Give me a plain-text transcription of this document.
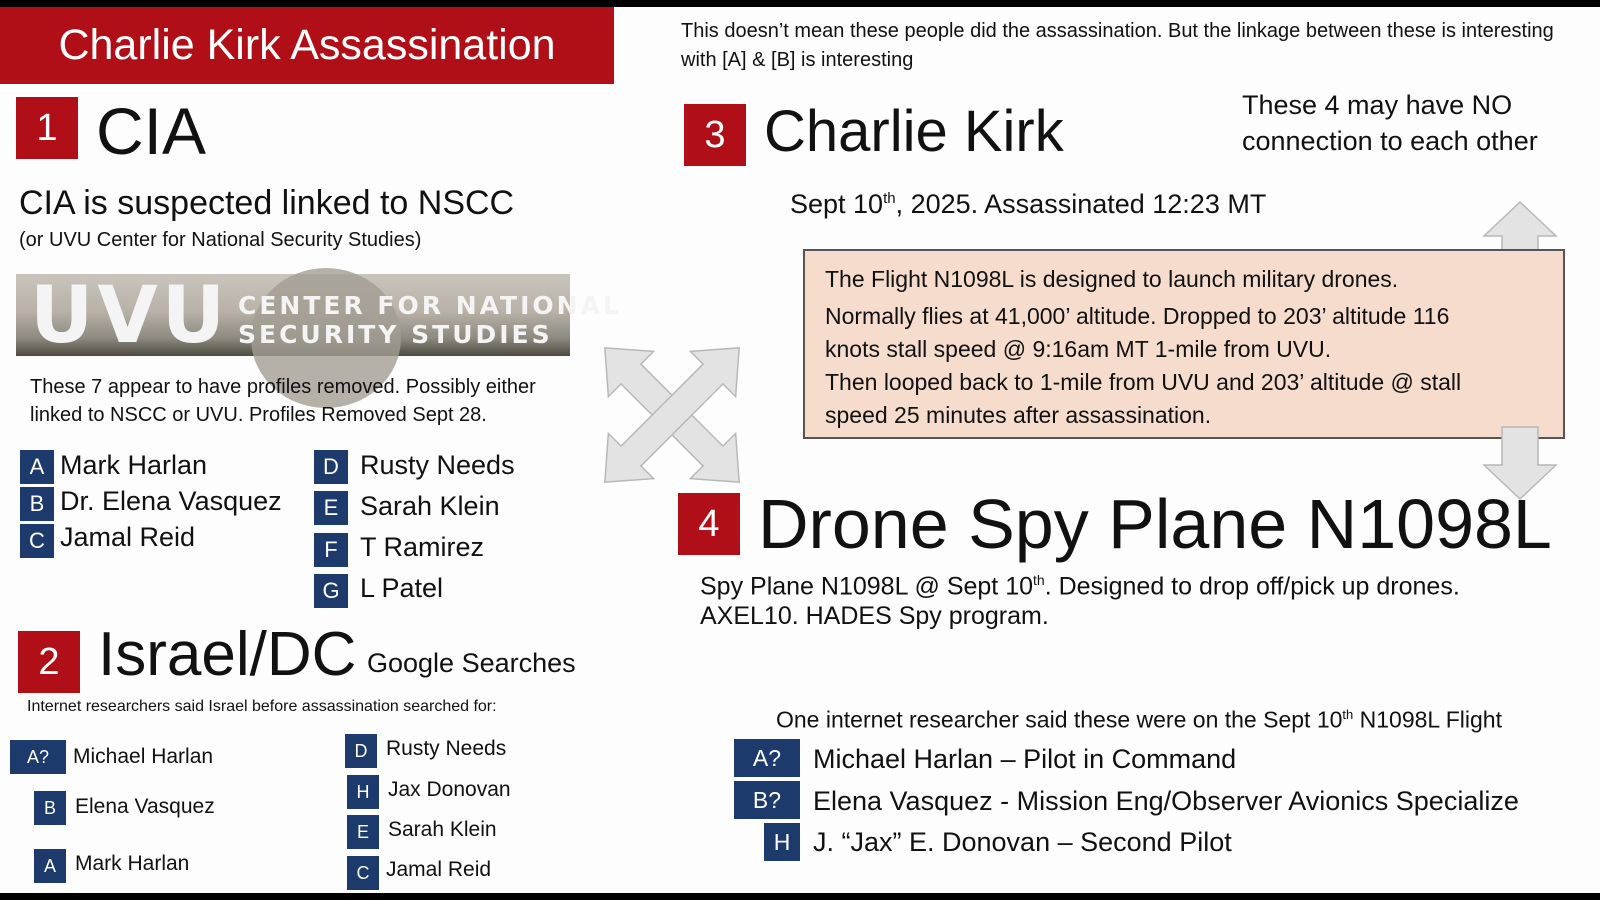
Charlie Kirk Assassination	This doesn’t mean these people did the assassination. But the linkage between these is interesting with [A] & [B] is interesting
1 CIA
CIA is suspected linked to NSCC
(or UVU Center for National Security Studies)
UVU CENTER FOR NATIONAL
SECURITY STUDIES
These 7 appear to have profiles removed. Possibly either linked to NSCC or UVU. Profiles Removed Sept 28.
A Mark Harlan
B Dr. Elena Vasquez
C Jamal Reid
D Rusty Needs
E Sarah Klein
F T Ramirez
G L Patel
2 Israel/DC Google Searches
Internet researchers said Israel before assassination searched for:
A?	Michael Harlan
B Elena Vasquez
A Mark Harlan
D Rusty Needs
H Jax Donovan
E Sarah Klein
C Jamal Reid
3 Charlie Kirk	These 4 may have NO
connection to each other
Sept 10th, 2025. Assassinated 12:23 MT
The Flight N1098L is designed to launch military drones.
Normally flies at 41,000’ altitude. Dropped to 203’ altitude 116
knots stall speed @ 9:16am MT 1-mile from UVU.
Then looped back to 1-mile from UVU and 203’ altitude @ stall
speed 25 minutes after assassination.
4 Drone Spy Plane N1098L
Spy Plane N1098L @ Sept 10th. Designed to drop off/pick up drones.
AXEL10. HADES Spy program.
One internet researcher said these were on the Sept 10th N1098L Flight
A?	Michael Harlan – Pilot in Command
B?	Elena Vasquez - Mission Eng/Observer Avionics Specialize
H J. “Jax” E. Donovan – Second Pilot
